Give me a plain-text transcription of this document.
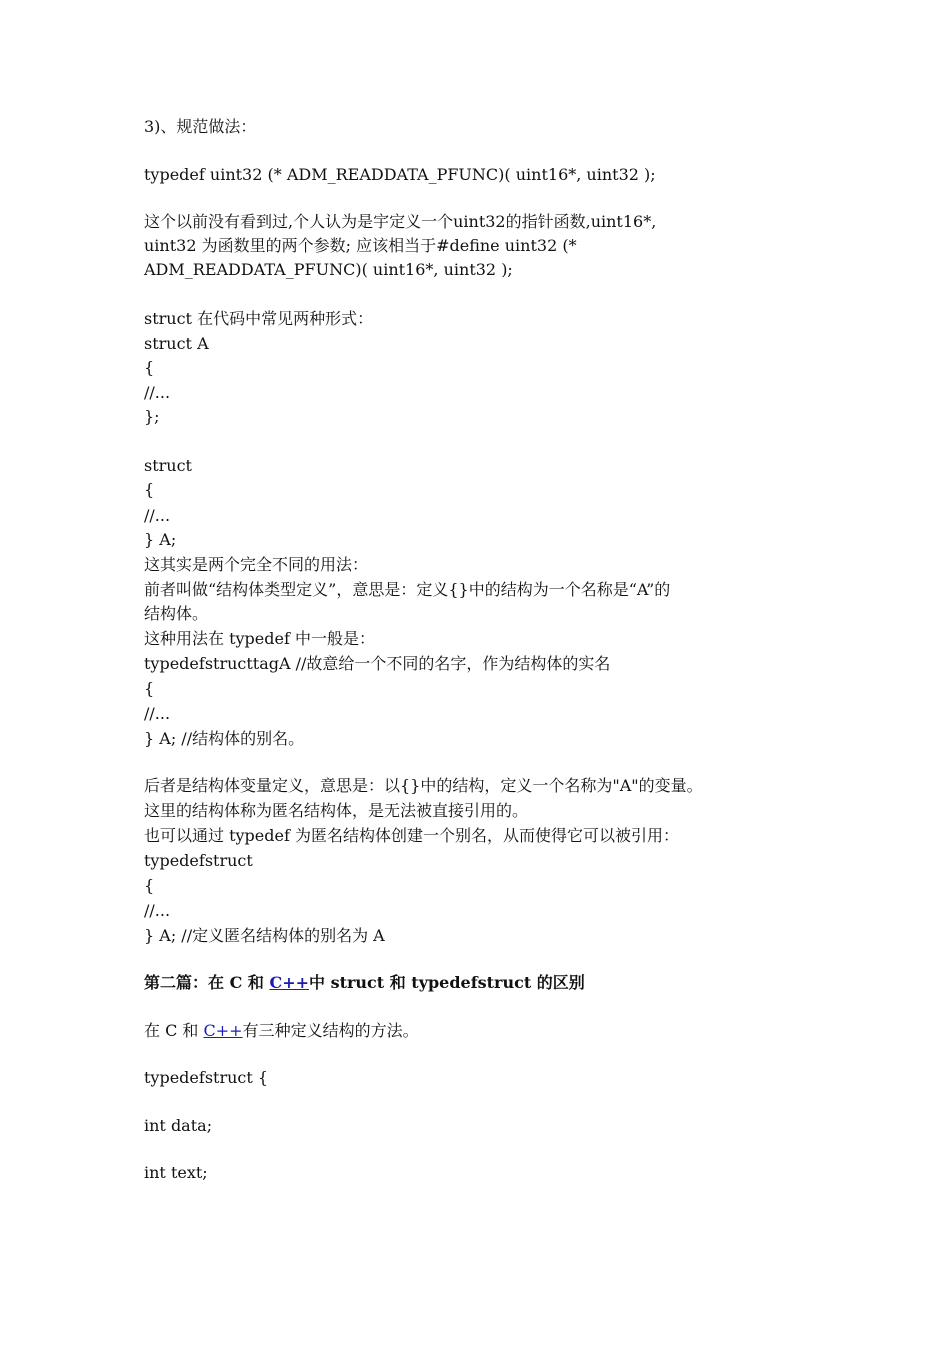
3)、规范做法：
typedef uint32 (* ADM_READDATA_PFUNC)( uint16*, uint32 );
这个以前没有看到过,个人认为是宇定义一个uint32的指针函数,uint16*,
uint32 为函数里的两个参数; 应该相当于#define uint32 (*
ADM_READDATA_PFUNC)( uint16*, uint32 );
struct 在代码中常见两种形式：
struct A
{
//...
};
struct
{
//...
} A;
这其实是两个完全不同的用法：
前者叫做“结构体类型定义”，意思是：定义{}中的结构为一个名称是“A”的
结构体。
这种用法在 typedef 中一般是：
typedefstructtagA //故意给一个不同的名字，作为结构体的实名
{
//...
} A; //结构体的别名。
后者是结构体变量定义，意思是：以{}中的结构，定义一个名称为"A"的变量。
这里的结构体称为匿名结构体，是无法被直接引用的。
也可以通过 typedef 为匿名结构体创建一个别名，从而使得它可以被引用：
typedefstruct
{
//...
} A; //定义匿名结构体的别名为 A
第二篇：在 C 和 C++中 struct 和 typedefstruct 的区别
在 C 和 C++有三种定义结构的方法。
typedefstruct {
int data;
int text;
